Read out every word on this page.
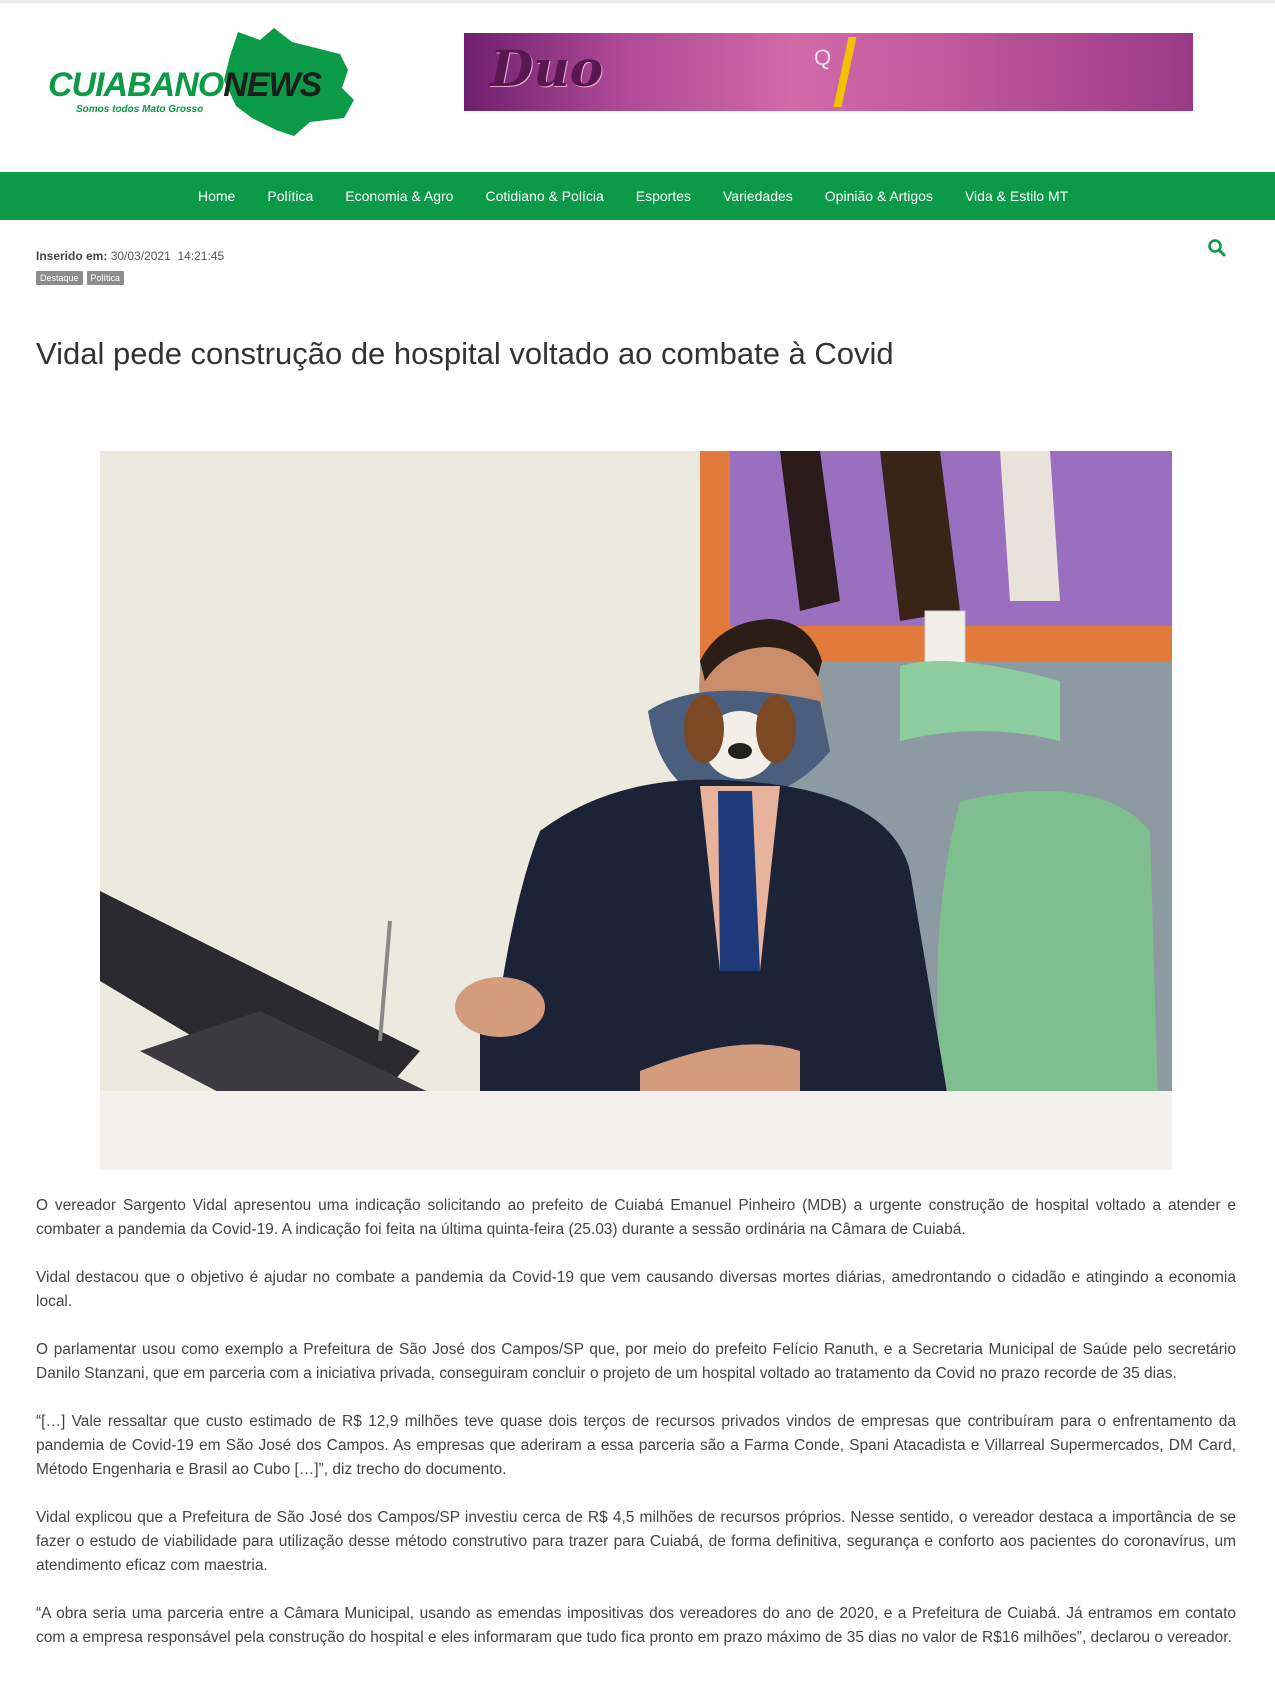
CUIABANONEWS
Somos todos Mato Grosso
Duo	Q
Home Política Economia & Agro Cotidiano & Polícia Esportes Variedades Opinião & Artigos Vida & Estilo MT
Inserido em: 30/03/2021 14:21:45
Destaque	Política
Vidal pede construção de hospital voltado ao combate à Covid

O vereador Sargento Vidal apresentou uma indicação solicitando ao prefeito de Cuiabá Emanuel Pinheiro (MDB) a urgente construção de hospital voltado a atender e combater a pandemia da Covid-19. A indicação foi feita na última quinta-feira (25.03) durante a sessão ordinária na Câmara de Cuiabá.

Vidal destacou que o objetivo é ajudar no combate a pandemia da Covid-19 que vem causando diversas mortes diárias, amedrontando o cidadão e atingindo a economia local.

O parlamentar usou como exemplo a Prefeitura de São José dos Campos/SP que, por meio do prefeito Felício Ranuth, e a Secretaria Municipal de Saúde pelo secretário Danilo Stanzani, que em parceria com a iniciativa privada, conseguiram concluir o projeto de um hospital voltado ao tratamento da Covid no prazo recorde de 35 dias.

“[…] Vale ressaltar que custo estimado de R$ 12,9 milhões teve quase dois terços de recursos privados vindos de empresas que contribuíram para o enfrentamento da pandemia de Covid-19 em São José dos Campos. As empresas que aderiram a essa parceria são a Farma Conde, Spani Atacadista e Villarreal Supermercados, DM Card, Método Engenharia e Brasil ao Cubo […]”, diz trecho do documento.

Vidal explicou que a Prefeitura de São José dos Campos/SP investiu cerca de R$ 4,5 milhões de recursos próprios. Nesse sentido, o vereador destaca a importância de se fazer o estudo de viabilidade para utilização desse método construtivo para trazer para Cuiabá, de forma definitiva, segurança e conforto aos pacientes do coronavírus, um atendimento eficaz com maestria.

“A obra seria uma parceria entre a Câmara Municipal, usando as emendas impositivas dos vereadores do ano de 2020, e a Prefeitura de Cuiabá. Já entramos em contato com a empresa responsável pela construção do hospital e eles informaram que tudo fica pronto em prazo máximo de 35 dias no valor de R$16 milhões”, declarou o vereador.
